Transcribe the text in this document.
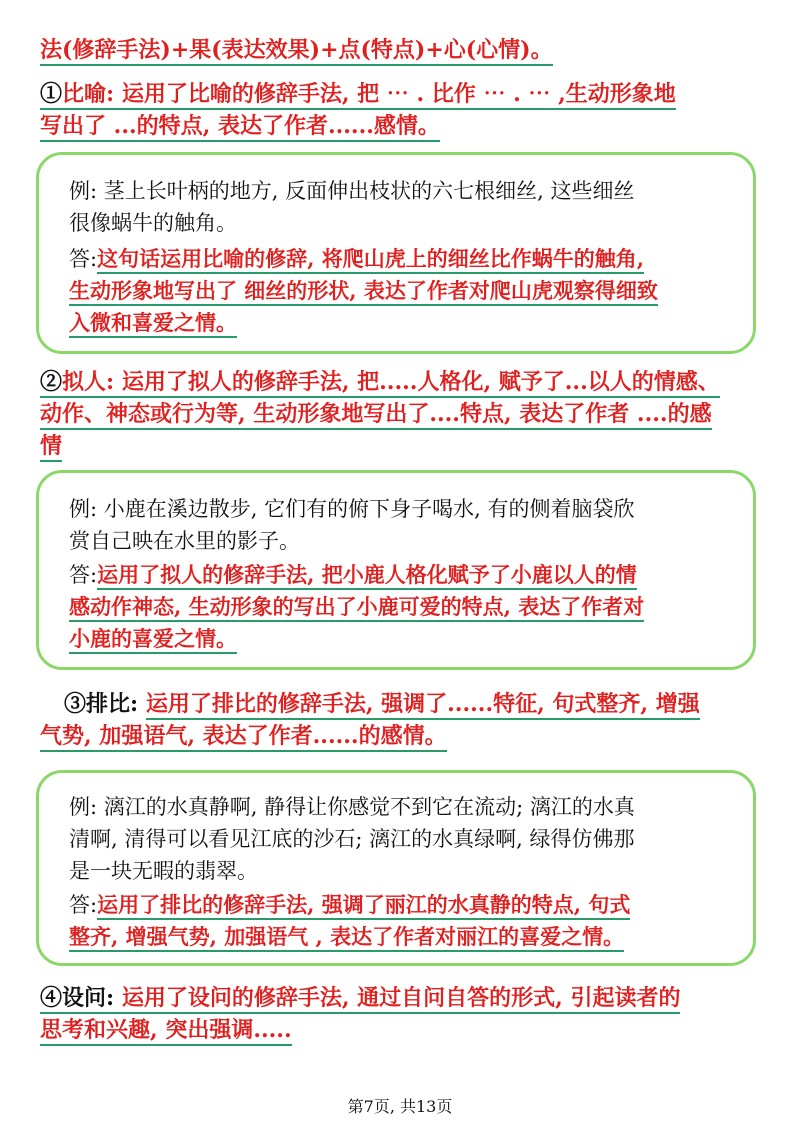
法(修辞手法)+果(表达效果)+点(特点)+心(心情)。
①比喻: 运用了比喻的修辞手法, 把 ⋯ . 比作 ⋯ . ⋯ ,生动形象地
写出了 ...的特点, 表达了作者......感情。
例: 茎上长叶柄的地方, 反面伸出枝状的六七根细丝, 这些细丝
很像蜗牛的触角。
答:这句话运用比喻的修辞, 将爬山虎上的细丝比作蜗牛的触角,
生动形象地写出了 细丝的形状, 表达了作者对爬山虎观察得细致
入微和喜爱之情。
②拟人: 运用了拟人的修辞手法, 把.....人格化, 赋予了...以人的情感、
动作、神态或行为等, 生动形象地写出了....特点, 表达了作者 ....的感
情
例: 小鹿在溪边散步, 它们有的俯下身子喝水, 有的侧着脑袋欣
赏自己映在水里的影子。
答:运用了拟人的修辞手法, 把小鹿人格化赋予了小鹿以人的情
感动作神态, 生动形象的写出了小鹿可爱的特点, 表达了作者对
小鹿的喜爱之情。
③排比: 运用了排比的修辞手法, 强调了......特征, 句式整齐, 增强
气势, 加强语气, 表达了作者......的感情。
例: 漓江的水真静啊, 静得让你感觉不到它在流动; 漓江的水真
清啊, 清得可以看见江底的沙石; 漓江的水真绿啊, 绿得仿佛那
是一块无暇的翡翠。
答:运用了排比的修辞手法, 强调了丽江的水真静的特点, 句式
整齐, 增强气势, 加强语气 , 表达了作者对丽江的喜爱之情。
④设问: 运用了设问的修辞手法, 通过自问自答的形式, 引起读者的
思考和兴趣, 突出强调.....
第7页, 共13页
